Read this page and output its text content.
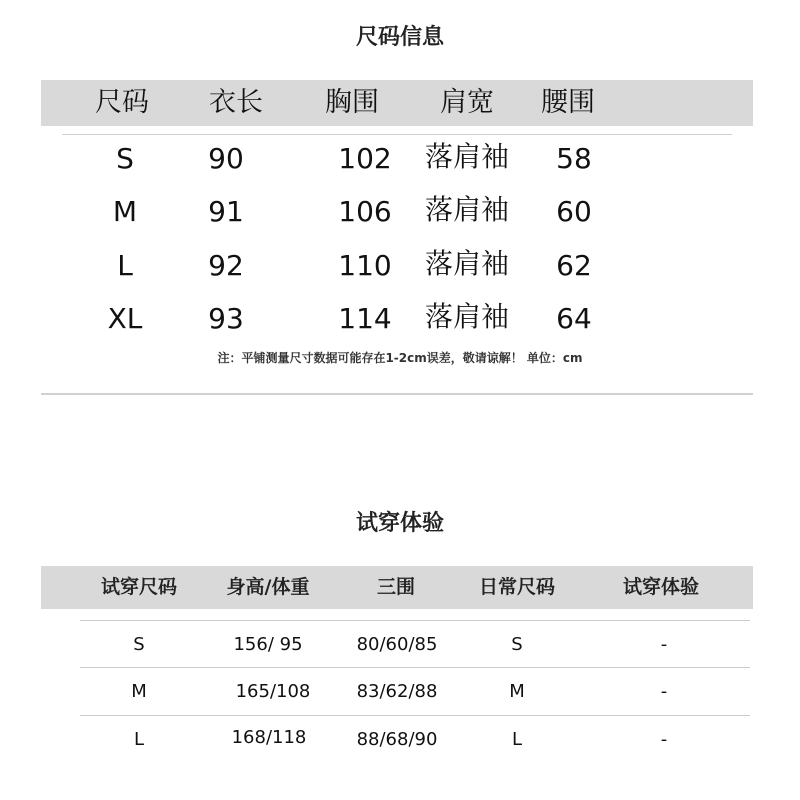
尺码信息
尺码	衣长	胸围	肩宽	腰围
S	90	102	落肩袖	58
M	91	106	落肩袖	60
L	92	110	落肩袖	62
XL	93	114	落肩袖	64
注：平铺测量尺寸数据可能存在1-2cm误差，敬请谅解！ 单位：cm
试穿体验
试穿尺码	身高/体重	三围	日常尺码	试穿体验
S	156/ 95	80/60/85	S	-
M	165/108	83/62/88	M	-
L	168/118	88/68/90	L	-
